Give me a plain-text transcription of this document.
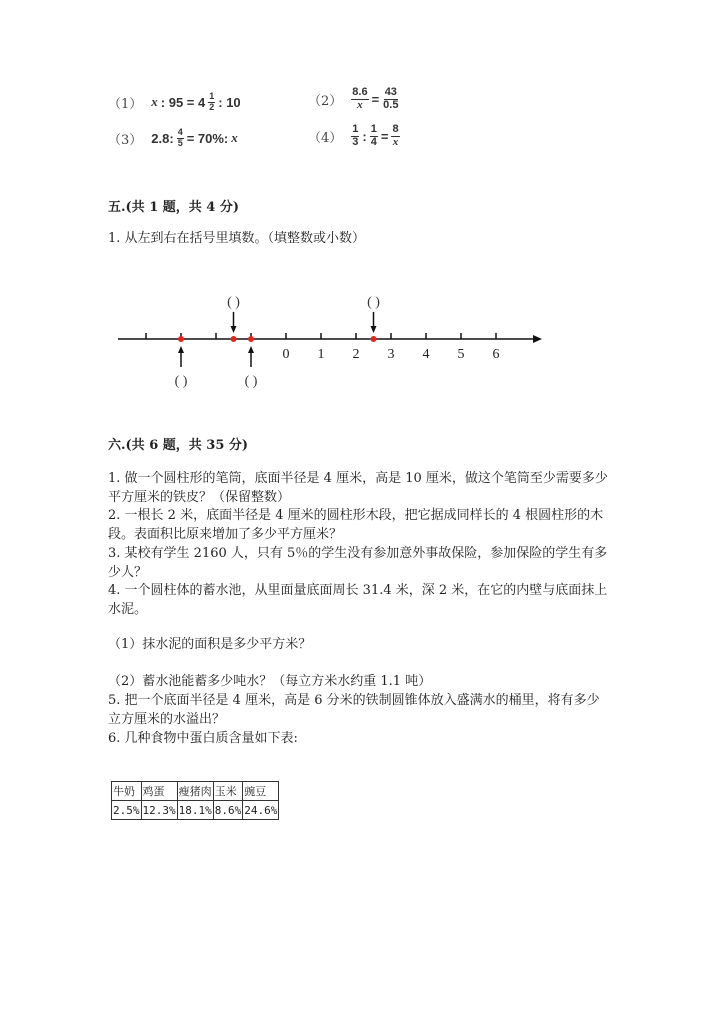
（1） x : $95 = 4 \frac{1}{2}$ : 10	$(2) \frac{8.6}{x} = \frac{43}{0.5}$
（3） 2.8: $\frac{4}{5} = 70\%$: x	$(4) \frac{1}{3}$ : $\frac{1}{4} = \frac{8}{x}$
五.(共 1 题，共 4 分)
1. 从左到右在括号里填数。（填整数或小数）
0 1 2 3 4 5 6
( )
( )
( )
( )
六.(共 6 题，共 35 分)
1. 做一个圆柱形的笔筒，底面半径是 4 厘米，高是 10 厘米，做这个笔筒至少需要多少平方厘米的铁皮？（保留整数）
2. 一根长 2 米，底面半径是 4 厘米的圆柱形木段，把它据成同样长的 4 根圆柱形的木段。表面积比原来增加了多少平方厘米？
3. 某校有学生 2160 人，只有 5％的学生没有参加意外事故保险，参加保险的学生有多少人？
4. 一个圆柱体的蓄水池，从里面量底面周长 31.4 米，深 2 米，在它的内壁与底面抹上水泥。
（1）抹水泥的面积是多少平方米？
（2）蓄水池能蓄多少吨水？（每立方米水约重 1.1 吨）
5. 把一个底面半径是 4 厘米，高是 6 分米的铁制圆锥体放入盛满水的桶里，将有多少立方厘米的水溢出？
6. 几种食物中蛋白质含量如下表:
牛奶	鸡蛋	瘦猪肉	玉米	豌豆
2.5%	12.3%	18.1%	8.6%	24.6%
